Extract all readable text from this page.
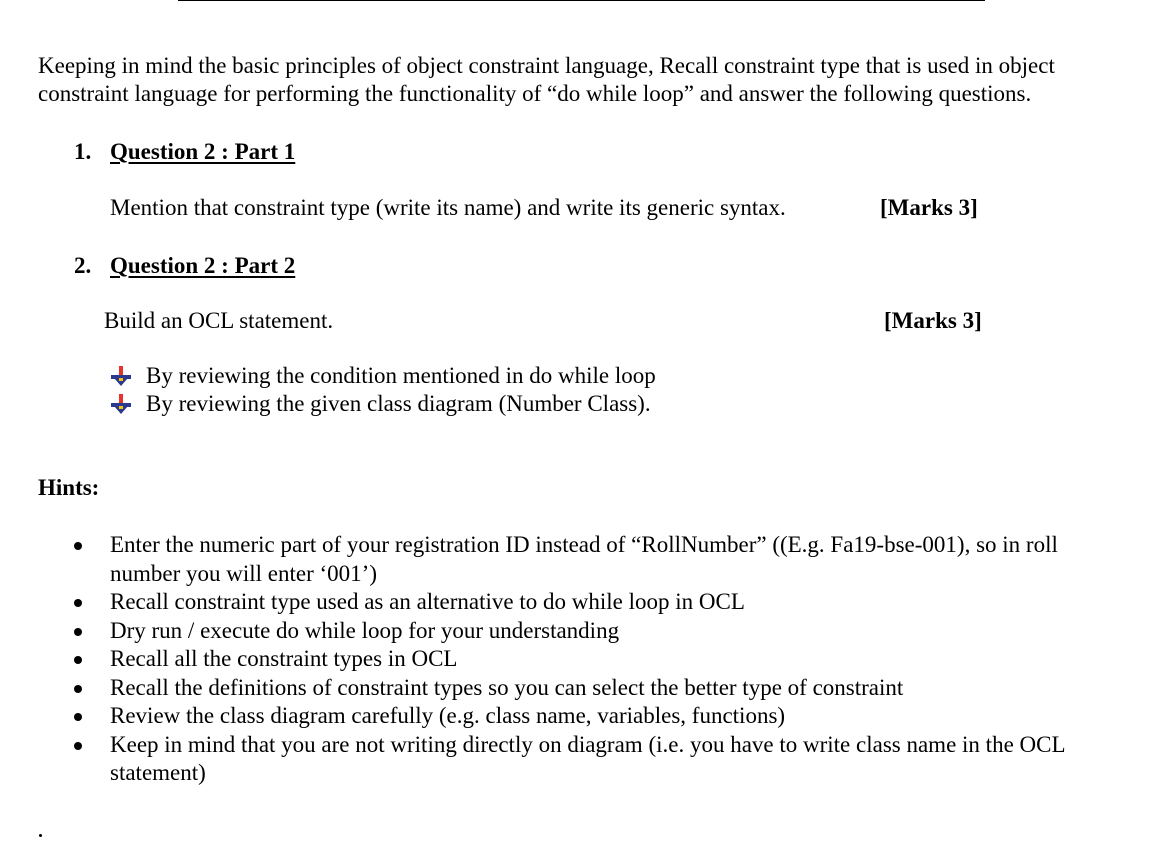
Keeping in mind the basic principles of object constraint language, Recall constraint type that is used in object constraint language for performing the functionality of “do while loop” and answer the following questions.

1. Question 2 : Part 1
Mention that constraint type (write its name) and write its generic syntax.	[Marks 3]
2. Question 2 : Part 2
Build an OCL statement.	[Marks 3]
By reviewing the condition mentioned in do while loop
By reviewing the given class diagram (Number Class).
Hints:
Enter the numeric part of your registration ID instead of “RollNumber” ((E.g. Fa19-bse-001), so in roll number you will enter ‘001’)
Recall constraint type used as an alternative to do while loop in OCL
Dry run / execute do while loop for your understanding
Recall all the constraint types in OCL
Recall the definitions of constraint types so you can select the better type of constraint
Review the class diagram carefully (e.g. class name, variables, functions)
Keep in mind that you are not writing directly on diagram (i.e. you have to write class name in the OCL statement)
